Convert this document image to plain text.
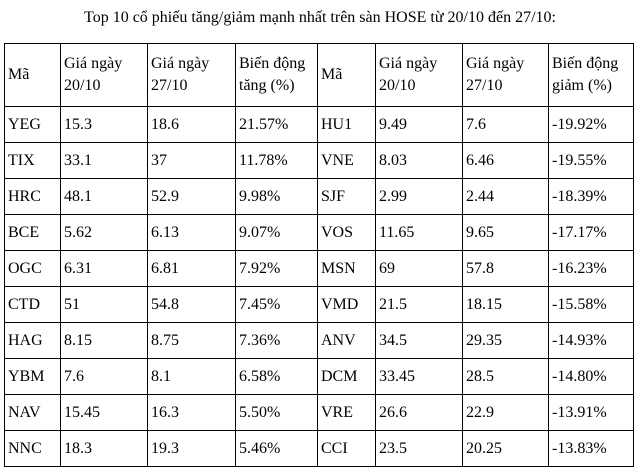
Top 10 cổ phiếu tăng/giảm mạnh nhất trên sàn HOSE từ 20/10 đến 27/10:
Mã	Giá ngày 20/10	Giá ngày 27/10	Biến động tăng (%)	Mã	Giá ngày 20/10	Giá ngày 27/10	Biến động giảm (%)
YEG	15.3	18.6	21.57%	HU1	9.49	7.6	-19.92%
TIX	33.1	37	11.78%	VNE	8.03	6.46	-19.55%
HRC	48.1	52.9	9.98%	SJF	2.99	2.44	-18.39%
BCE	5.62	6.13	9.07%	VOS	11.65	9.65	-17.17%
OGC	6.31	6.81	7.92%	MSN	69	57.8	-16.23%
CTD	51	54.8	7.45%	VMD	21.5	18.15	-15.58%
HAG	8.15	8.75	7.36%	ANV	34.5	29.35	-14.93%
YBM	7.6	8.1	6.58%	DCM	33.45	28.5	-14.80%
NAV	15.45	16.3	5.50%	VRE	26.6	22.9	-13.91%
NNC	18.3	19.3	5.46%	CCI	23.5	20.25	-13.83%
